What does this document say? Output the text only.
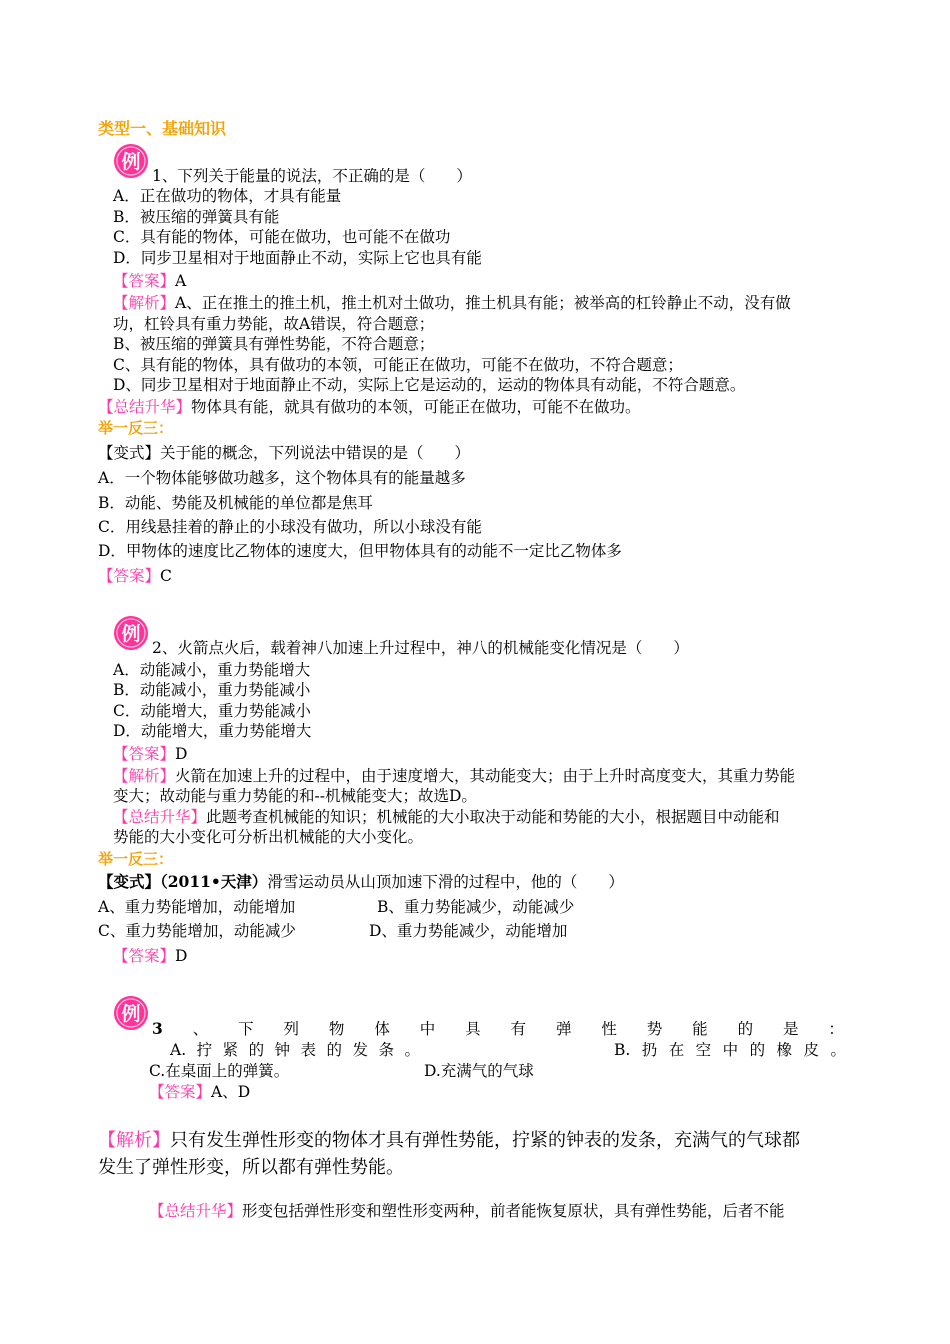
类型一、基础知识
例
1、下列关于能量的说法，不正确的是（　　）
A．正在做功的物体，才具有能量
B．被压缩的弹簧具有能
C．具有能的物体，可能在做功，也可能不在做功
D．同步卫星相对于地面静止不动，实际上它也具有能
【答案】A
【解析】A、正在推土的推土机，推土机对土做功，推土机具有能；被举高的杠铃静止不动，没有做
功，杠铃具有重力势能，故A错误，符合题意；
B、被压缩的弹簧具有弹性势能，不符合题意；
C、具有能的物体，具有做功的本领，可能正在做功，可能不在做功，不符合题意；
D、同步卫星相对于地面静止不动，实际上它是运动的，运动的物体具有动能，不符合题意。
【总结升华】物体具有能，就具有做功的本领，可能正在做功，可能不在做功。
举一反三：
【变式】关于能的概念，下列说法中错误的是（　　）
A．一个物体能够做功越多，这个物体具有的能量越多
B．动能、势能及机械能的单位都是焦耳
C．用线悬挂着的静止的小球没有做功，所以小球没有能
D．甲物体的速度比乙物体的速度大，但甲物体具有的动能不一定比乙物体多
【答案】C
例
2、火箭点火后，载着神八加速上升过程中，神八的机械能变化情况是（　　）
A．动能减小，重力势能增大
B．动能减小，重力势能减小
C．动能增大，重力势能减小
D．动能增大，重力势能增大
【答案】D
【解析】火箭在加速上升的过程中，由于速度增大，其动能变大；由于上升时高度变大，其重力势能
变大；故动能与重力势能的和--机械能变大；故选D。
【总结升华】此题考查机械能的知识；机械能的大小取决于动能和势能的大小，根据题目中动能和
势能的大小变化可分析出机械能的大小变化。
举一反三：
【变式】（2011•天津）滑雪运动员从山顶加速下滑的过程中，他的（　　）
A、重力势能增加，动能增加	B、重力势能减少，动能减少
C、重力势能增加，动能减少	D、重力势能减少，动能增加
【答案】D
例
3 、 下 列 物 体 中 具 有 弹 性 势 能 的 是 ：
A. 拧 紧 的 钟 表 的 发 条 。	B. 扔 在 空 中 的 橡 皮 。
C.在桌面上的弹簧。	D.充满气的气球
【答案】A、D
【解析】只有发生弹性形变的物体才具有弹性势能，拧紧的钟表的发条，充满气的气球都
发生了弹性形变，所以都有弹性势能。
【总结升华】形变包括弹性形变和塑性形变两种，前者能恢复原状，具有弹性势能，后者不能
